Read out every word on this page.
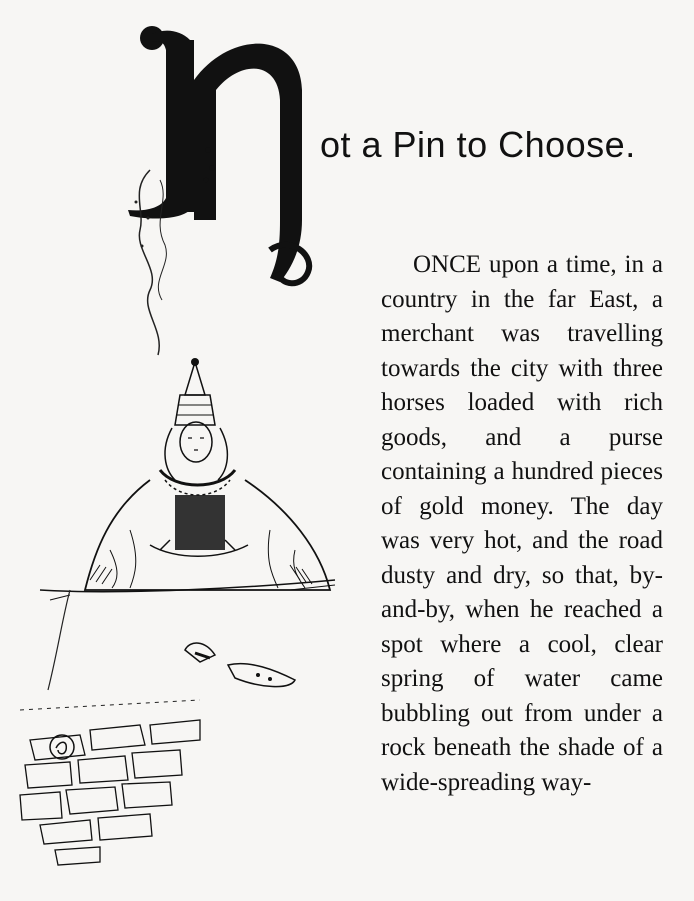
ot a Pin to Choose.

ONCE upon a time, in a country in the far East, a merchant was travelling towards the city with three horses loaded with rich goods, and a purse containing a hundred pieces of gold money. The day was very hot, and the road dusty and dry, so that, by-and-by, when he reached a spot where a cool, clear spring of water came bubbling out from under a rock beneath the shade of a wide-spreading way-
